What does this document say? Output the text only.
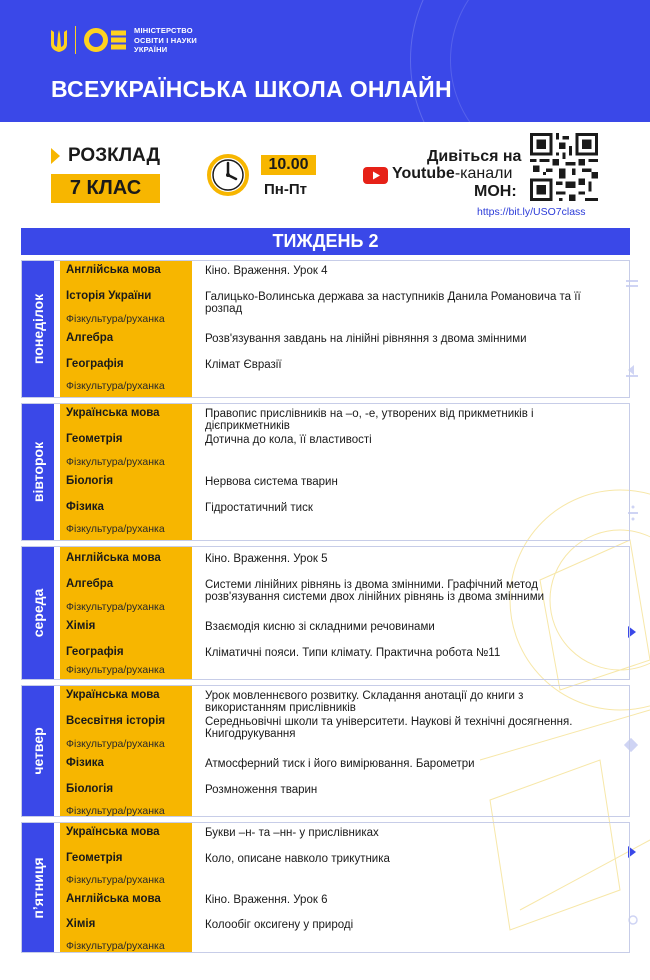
МІНІСТЕРСТВО
ОСВІТИ І НАУКИ
УКРАЇНИ
ВСЕУКРАЇНСЬКА ШКОЛА ОНЛАЙН
РОЗКЛАД
7 КЛАС
10.00
Пн-Пт
Дивіться на
Youtube-канали
МОН:
https://bit.ly/USO7class
ТИЖДЕНЬ 2
понеділок
Англійська мова	Кіно. Враження. Урок 4
Історія України	Галицько-Волинська держава за наступників Данила Романовича та її розпад
Фізкультура/руханка
Алгебра	Розв'язування завдань на лінійні рівняння з двома змінними
Географія	Клімат Євразії
Фізкультура/руханка
вівторок
Українська мова	Правопис прислівників на –о, -е, утворених від прикметників і дієприкметників
Геометрія	Дотична до кола, її властивості
Фізкультура/руханка
Біологія	Нервова система тварин
Фізика	Гідростатичний тиск
Фізкультура/руханка
середа
Англійська мова	Кіно. Враження. Урок 5
Алгебра	Системи лінійних рівнянь із двома змінними. Графічний метод розв'язування системи двох лінійних рівнянь із двома змінними
Фізкультура/руханка
Хімія	Взаємодія кисню зі складними речовинами
Географія	Кліматичні пояси. Типи клімату. Практична робота №11
Фізкультура/руханка
четвер
Українська мова	Урок мовленнєвого розвитку. Складання анотації до книги з використанням прислівників
Всесвітня історія	Середньовічні школи та університети. Наукові й технічні досягнення. Книгодрукування
Фізкультура/руханка
Фізика	Атмосферний тиск і його вимірювання. Барометри
Біологія	Розмноження тварин
Фізкультура/руханка
пʼятниця
Українська мова	Букви –н- та –нн- у прислівниках
Геометрія	Коло, описане навколо трикутника
Фізкультура/руханка
Англійська мова	Кіно. Враження. Урок 6
Хімія	Колообіг оксигену у природі
Фізкультура/руханка
